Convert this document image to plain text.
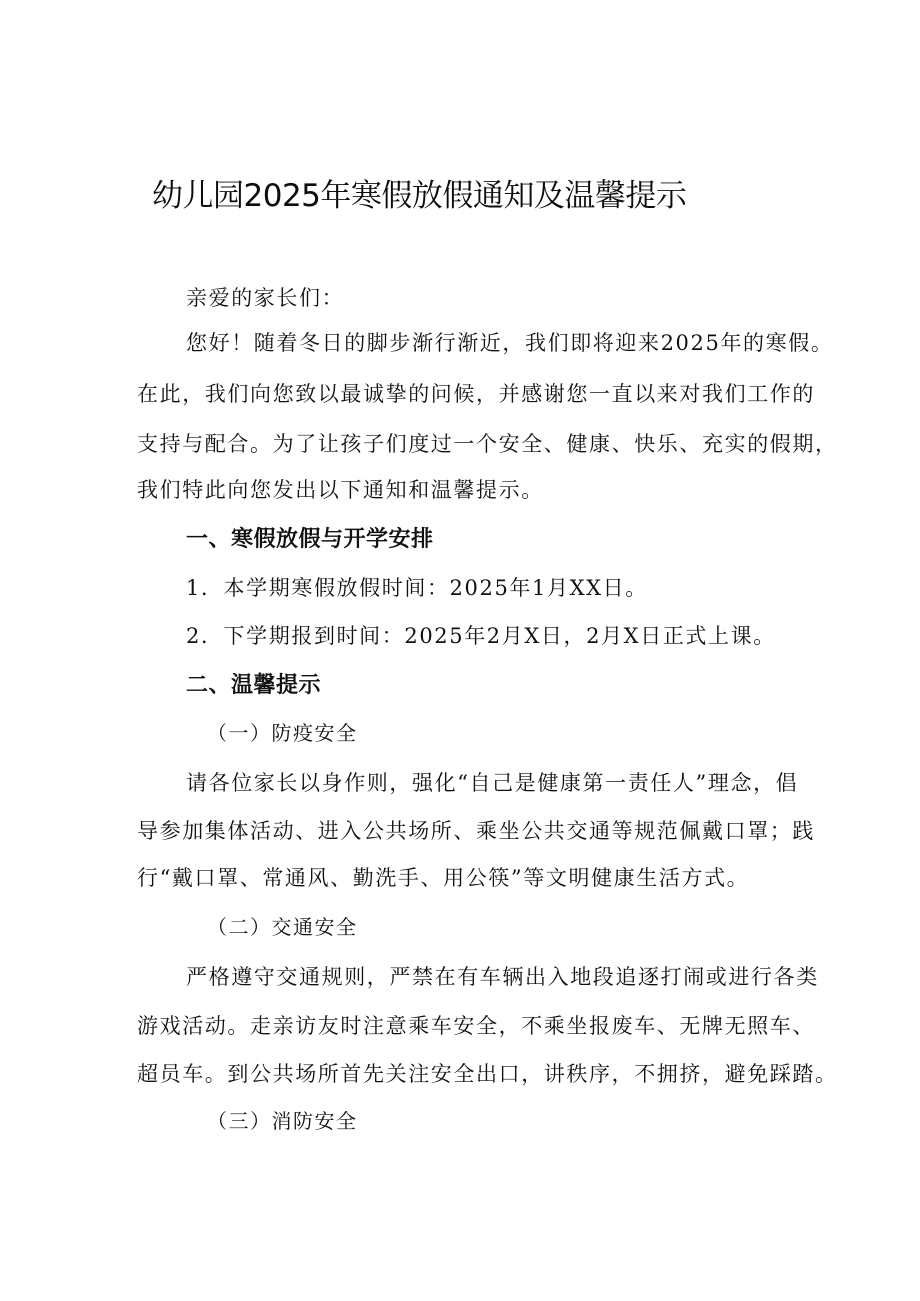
幼儿园2025年寒假放假通知及温馨提示

亲爱的家长们：

您好！随着冬日的脚步渐行渐近，我们即将迎来2025年的寒假。

在此，我们向您致以最诚挚的问候，并感谢您一直以来对我们工作的

支持与配合。为了让孩子们度过一个安全、健康、快乐、充实的假期，

我们特此向您发出以下通知和温馨提示。

一、寒假放假与开学安排

1．本学期寒假放假时间：2025年1月XX日。

2．下学期报到时间：2025年2月X日，2月X日正式上课。

二、温馨提示

（一）防疫安全

请各位家长以身作则，强化“自己是健康第一责任人”理念，倡

导参加集体活动、进入公共场所、乘坐公共交通等规范佩戴口罩；践

行“戴口罩、常通风、勤洗手、用公筷”等文明健康生活方式。

（二）交通安全

严格遵守交通规则，严禁在有车辆出入地段追逐打闹或进行各类

游戏活动。走亲访友时注意乘车安全，不乘坐报废车、无牌无照车、

超员车。到公共场所首先关注安全出口，讲秩序，不拥挤，避免踩踏。

（三）消防安全
